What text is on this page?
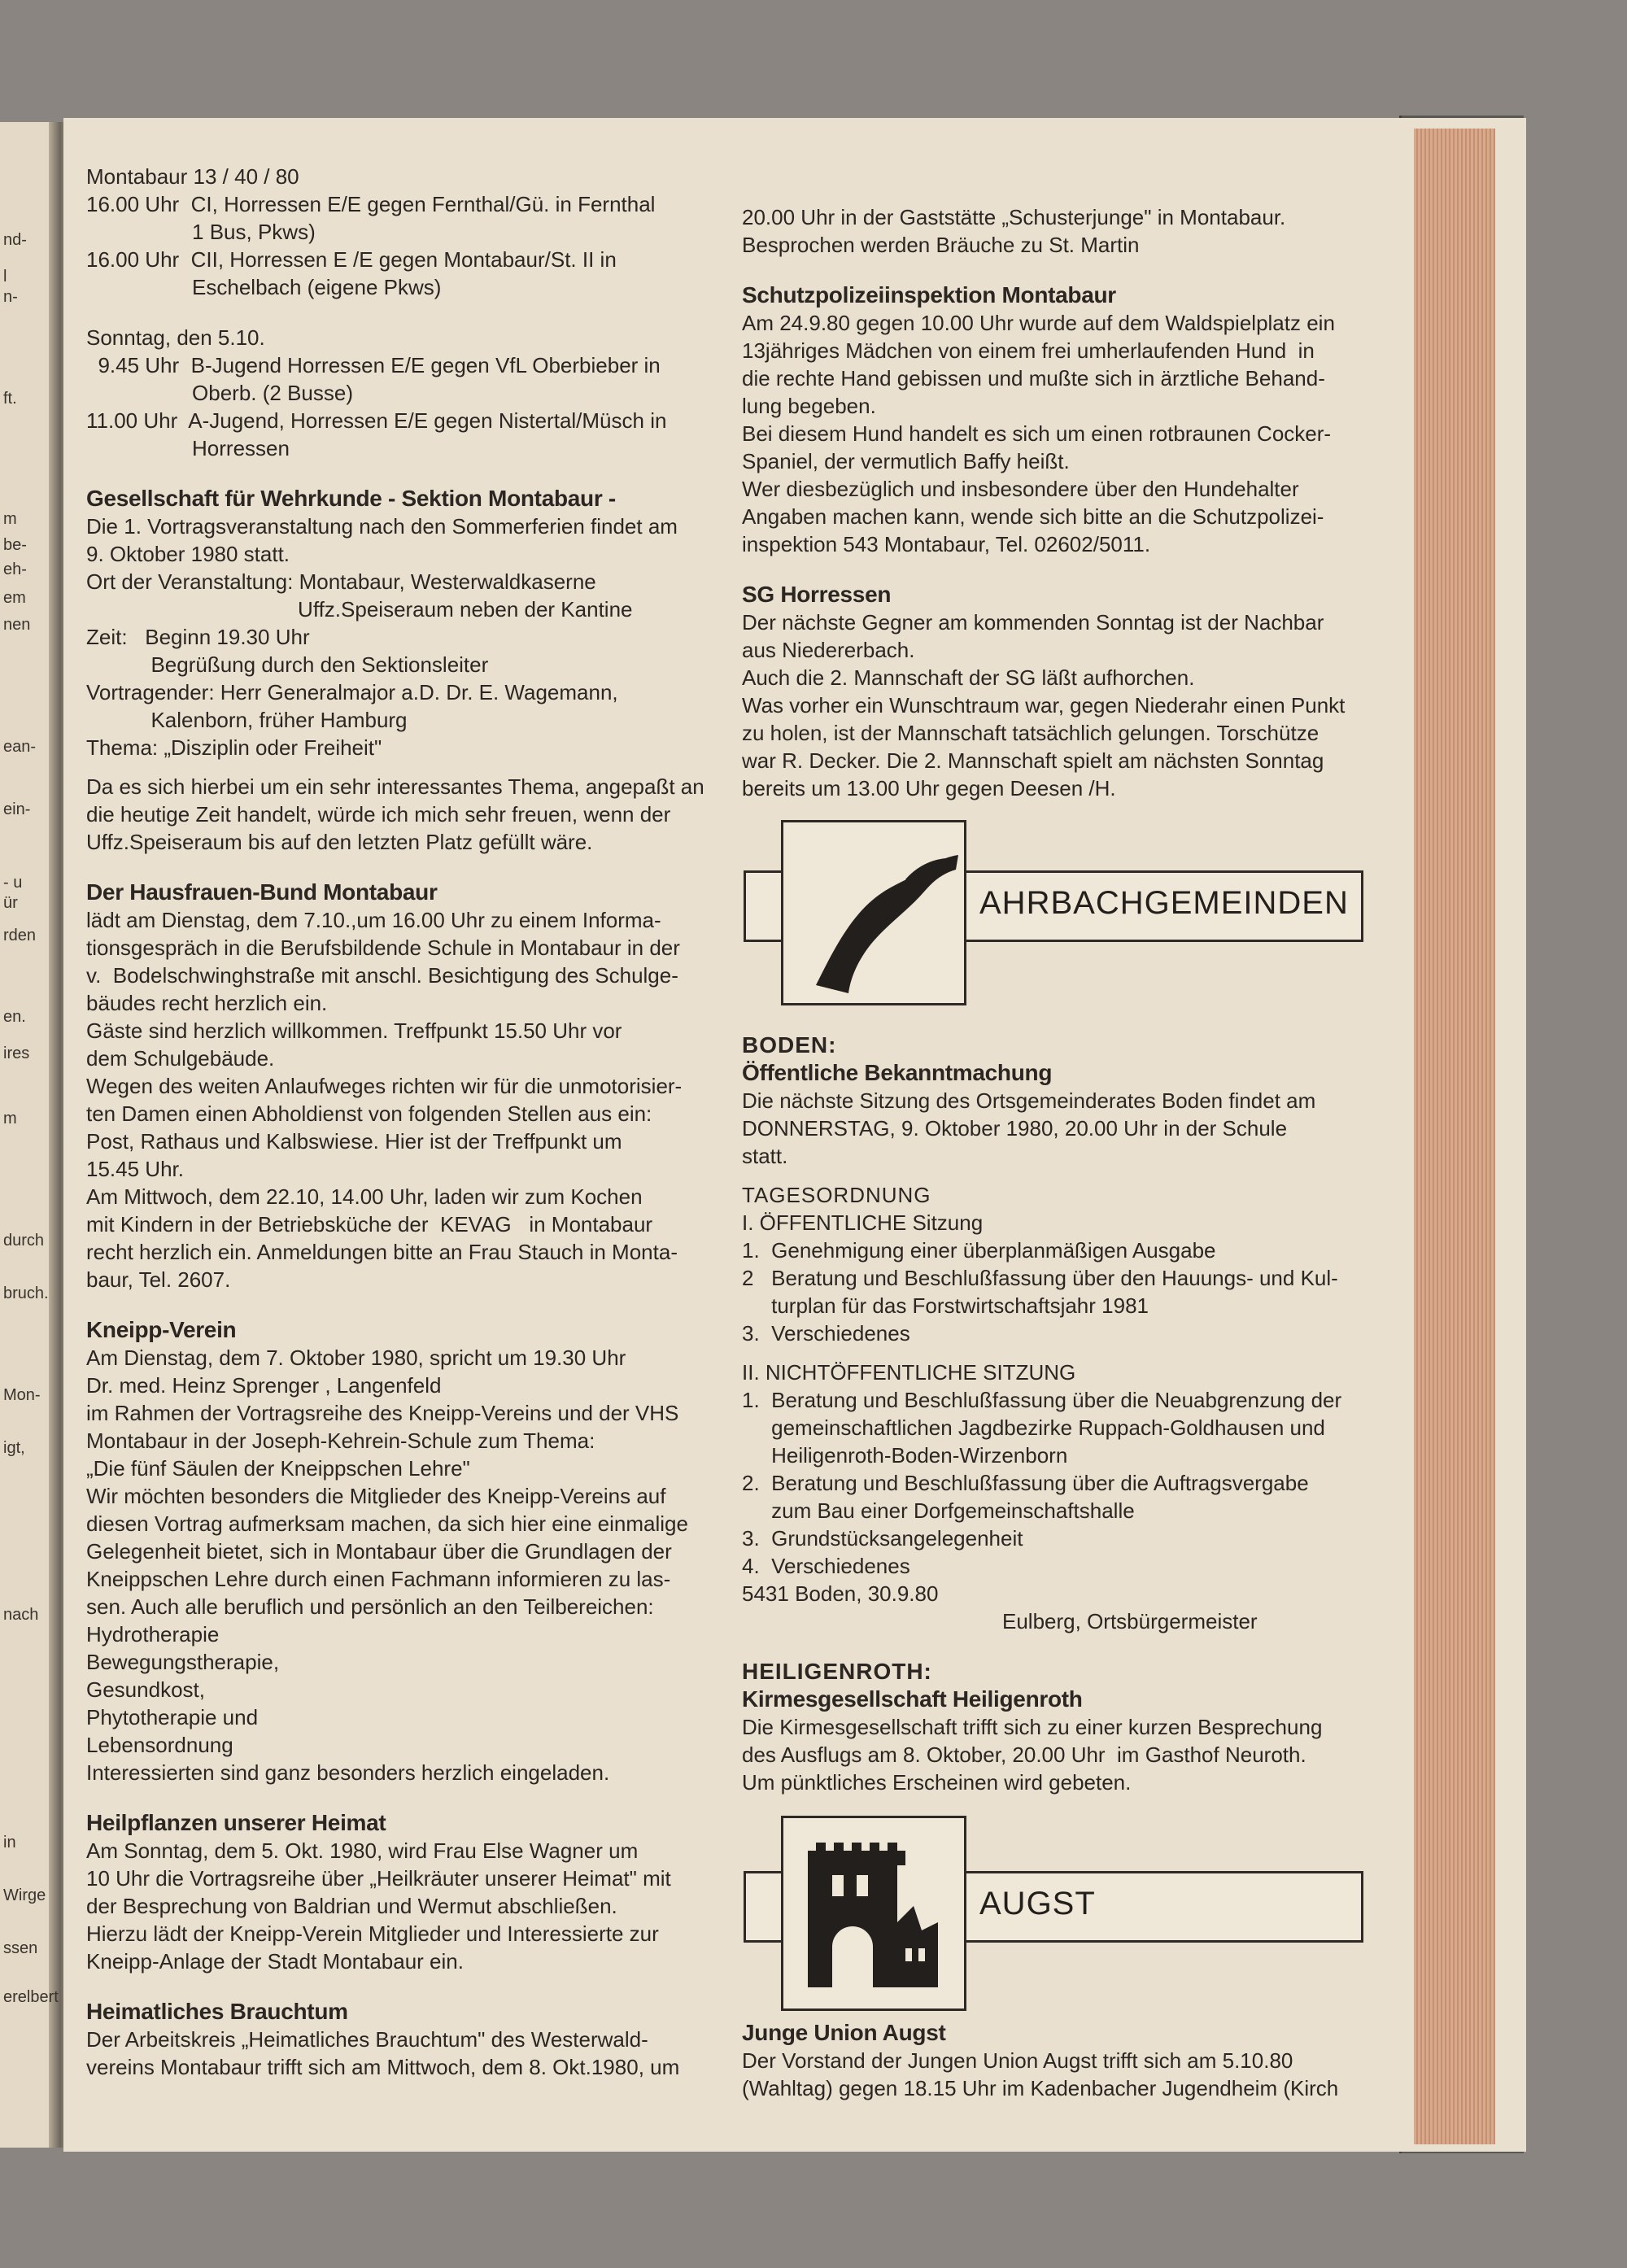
nd-
l
n-
ft.
m
be-
eh-
em
nen
ean-
ein-
- u
ür
rden
en.
ires
m
durch
bruch.
Mon-
igt,
nach
in
Wirge
ssen
erelbert
Montabaur 13 / 40 / 80
16.00 Uhr  CI, Horressen E/E gegen Fernthal/Gü. in Fernthal
1 Bus, Pkws)
16.00 Uhr  CII, Horressen E /E gegen Montabaur/St. II in
Eschelbach (eigene Pkws)
Sonntag, den 5.10.
9.45 Uhr  B-Jugend Horressen E/E gegen VfL Oberbieber in
Oberb. (2 Busse)
11.00 Uhr  A-Jugend, Horressen E/E gegen Nistertal/Müsch in
Horressen
Gesellschaft für Wehrkunde - Sektion Montabaur -
Die 1. Vortragsveranstaltung nach den Sommerferien findet am
9. Oktober 1980 statt.
Ort der Veranstaltung: Montabaur, Westerwaldkaserne
Uffz.Speiseraum neben der Kantine
Zeit:   Beginn 19.30 Uhr
Begrüßung durch den Sektionsleiter
Vortragender: Herr Generalmajor a.D. Dr. E. Wagemann,
Kalenborn, früher Hamburg
Thema: „Disziplin oder Freiheit"
Da es sich hierbei um ein sehr interessantes Thema, angepaßt an
die heutige Zeit handelt, würde ich mich sehr freuen, wenn der
Uffz.Speiseraum bis auf den letzten Platz gefüllt wäre.
Der Hausfrauen-Bund Montabaur
lädt am Dienstag, dem 7.10.,um 16.00 Uhr zu einem Informa-
tionsgespräch in die Berufsbildende Schule in Montabaur in der
v.  Bodelschwinghstraße mit anschl. Besichtigung des Schulge-
bäudes recht herzlich ein.
Gäste sind herzlich willkommen. Treffpunkt 15.50 Uhr vor
dem Schulgebäude.
Wegen des weiten Anlaufweges richten wir für die unmotorisier-
ten Damen einen Abholdienst von folgenden Stellen aus ein:
Post, Rathaus und Kalbswiese. Hier ist der Treffpunkt um
15.45 Uhr.
Am Mittwoch, dem 22.10, 14.00 Uhr, laden wir zum Kochen
mit Kindern in der Betriebsküche der  KEVAG   in Montabaur
recht herzlich ein. Anmeldungen bitte an Frau Stauch in Monta-
baur, Tel. 2607.
Kneipp-Verein
Am Dienstag, dem 7. Oktober 1980, spricht um 19.30 Uhr
Dr. med. Heinz Sprenger , Langenfeld
im Rahmen der Vortragsreihe des Kneipp-Vereins und der VHS
Montabaur in der Joseph-Kehrein-Schule zum Thema:
„Die fünf Säulen der Kneippschen Lehre"
Wir möchten besonders die Mitglieder des Kneipp-Vereins auf
diesen Vortrag aufmerksam machen, da sich hier eine einmalige
Gelegenheit bietet, sich in Montabaur über die Grundlagen der
Kneippschen Lehre durch einen Fachmann informieren zu las-
sen. Auch alle beruflich und persönlich an den Teilbereichen:
Hydrotherapie
Bewegungstherapie,
Gesundkost,
Phytotherapie und
Lebensordnung
Interessierten sind ganz besonders herzlich eingeladen.
Heilpflanzen unserer Heimat
Am Sonntag, dem 5. Okt. 1980, wird Frau Else Wagner um
10 Uhr die Vortragsreihe über „Heilkräuter unserer Heimat" mit
der Besprechung von Baldrian und Wermut abschließen.
Hierzu lädt der Kneipp-Verein Mitglieder und Interessierte zur
Kneipp-Anlage der Stadt Montabaur ein.
Heimatliches Brauchtum
Der Arbeitskreis „Heimatliches Brauchtum" des Westerwald-
vereins Montabaur trifft sich am Mittwoch, dem 8. Okt.1980, um
20.00 Uhr in der Gaststätte „Schusterjunge" in Montabaur.
Besprochen werden Bräuche zu St. Martin
Schutzpolizeiinspektion Montabaur
Am 24.9.80 gegen 10.00 Uhr wurde auf dem Waldspielplatz ein
13jähriges Mädchen von einem frei umherlaufenden Hund  in
die rechte Hand gebissen und mußte sich in ärztliche Behand-
lung begeben.
Bei diesem Hund handelt es sich um einen rotbraunen Cocker-
Spaniel, der vermutlich Baffy heißt.
Wer diesbezüglich und insbesondere über den Hundehalter
Angaben machen kann, wende sich bitte an die Schutzpolizei-
inspektion 543 Montabaur, Tel. 02602/5011.
SG Horressen
Der nächste Gegner am kommenden Sonntag ist der Nachbar
aus Niedererbach.
Auch die 2. Mannschaft der SG läßt aufhorchen.
Was vorher ein Wunschtraum war, gegen Niederahr einen Punkt
zu holen, ist der Mannschaft tatsächlich gelungen. Torschütze
war R. Decker. Die 2. Mannschaft spielt am nächsten Sonntag
bereits um 13.00 Uhr gegen Deesen /H.
AHRBACHGEMEINDEN
BODEN:
Öffentliche Bekanntmachung
Die nächste Sitzung des Ortsgemeinderates Boden findet am
DONNERSTAG, 9. Oktober 1980, 20.00 Uhr in der Schule
statt.
TAGESORDNUNG
I. ÖFFENTLICHE Sitzung
1.  Genehmigung einer überplanmäßigen Ausgabe
2   Beratung und Beschlußfassung über den Hauungs- und Kul-
turplan für das Forstwirtschaftsjahr 1981
3.  Verschiedenes
II. NICHTÖFFENTLICHE SITZUNG
1.  Beratung und Beschlußfassung über die Neuabgrenzung der
gemeinschaftlichen Jagdbezirke Ruppach-Goldhausen und
Heiligenroth-Boden-Wirzenborn
2.  Beratung und Beschlußfassung über die Auftragsvergabe
zum Bau einer Dorfgemeinschaftshalle
3.  Grundstücksangelegenheit
4.  Verschiedenes
5431 Boden, 30.9.80
Eulberg, Ortsbürgermeister
HEILIGENROTH:
Kirmesgesellschaft Heiligenroth
Die Kirmesgesellschaft trifft sich zu einer kurzen Besprechung
des Ausflugs am 8. Oktober, 20.00 Uhr  im Gasthof Neuroth.
Um pünktliches Erscheinen wird gebeten.
AUGST
Junge Union Augst
Der Vorstand der Jungen Union Augst trifft sich am 5.10.80
(Wahltag) gegen 18.15 Uhr im Kadenbacher Jugendheim (Kirch
